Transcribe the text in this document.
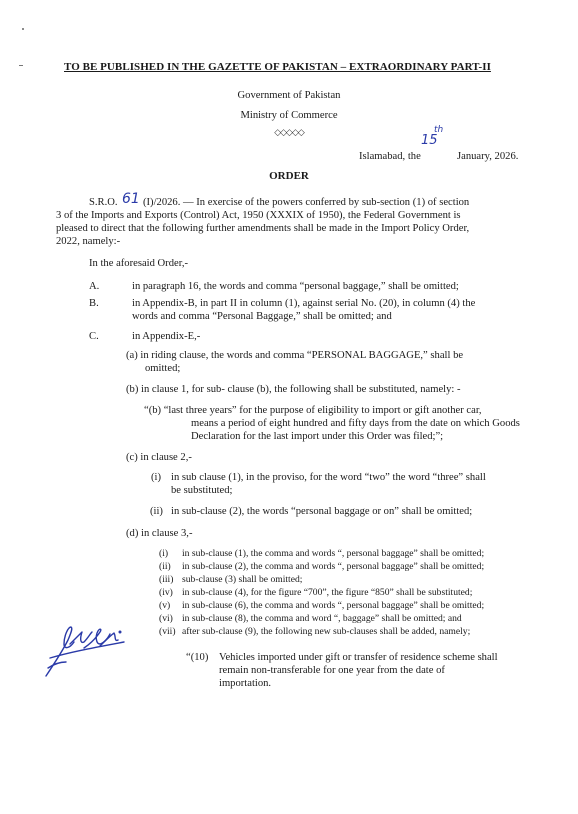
TO BE PUBLISHED IN THE GAZETTE OF PAKISTAN – EXTRAORDINARY PART-II
Government of Pakistan
Ministry of Commerce
◇◇◇◇◇
15
th
Islamabad, the	January, 2026.
ORDER
S.R.O. 61 (I)/2026. — In exercise of the powers conferred by sub-section (1) of section
3 of the Imports and Exports (Control) Act, 1950 (XXXIX of 1950), the Federal Government is
pleased to direct that the following further amendments shall be made in the Import Policy Order,
2022, namely:-
In the aforesaid Order,-
A.	in paragraph 16, the words and comma “personal baggage,” shall be omitted;
B.	in Appendix-B, in part II in column (1), against serial No. (20), in column (4) the
words and comma “Personal Baggage,” shall be omitted; and
C.	in Appendix-E,-
(a) in riding clause, the words and comma “PERSONAL BAGGAGE,” shall be
omitted;
(b) in clause 1, for sub- clause (b), the following shall be substituted, namely: -
“(b) “last three years” for the purpose of eligibility to import or gift another car,
means a period of eight hundred and fifty days from the date on which Goods
Declaration for the last import under this Order was filed;”;
(c) in clause 2,-
(i) in sub clause (1), in the proviso, for the word “two” the word “three” shall
be substituted;
(ii) in sub-clause (2), the words “personal baggage or on” shall be omitted;
(d) in clause 3,-
(i) in sub-clause (1), the comma and words “, personal baggage” shall be omitted;
(ii) in sub-clause (2), the comma and words “, personal baggage” shall be omitted;
(iii) sub-clause (3) shall be omitted;
(iv) in sub-clause (4), for the figure “700”, the figure “850” shall be substituted;
(v) in sub-clause (6), the comma and words “, personal baggage” shall be omitted;
(vi) in sub-clause (8), the comma and word “, baggage” shall be omitted; and
(vii) after sub-clause (9), the following new sub-clauses shall be added, namely;
“(10) Vehicles imported under gift or transfer of residence scheme shall
remain non-transferable for one year from the date of
importation.
